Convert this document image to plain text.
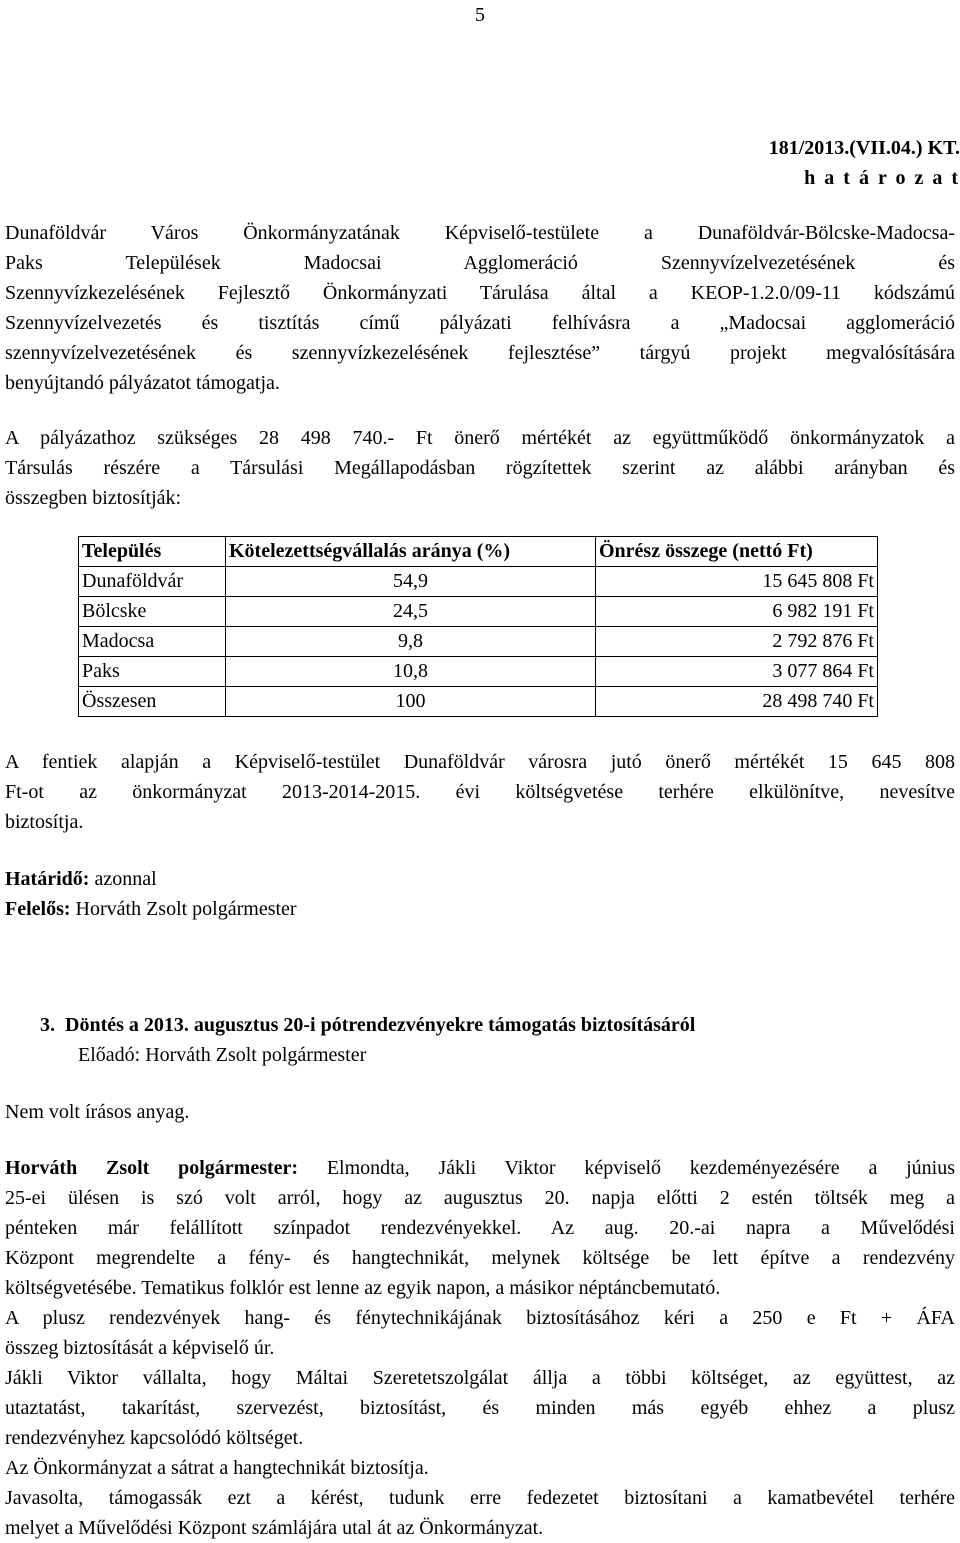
5
181/2013.(VII.04.) KT.
h a t á r o z a t
Dunaföldvár Város Önkormányzatának Képviselő-testülete a Dunaföldvár-Bölcske-Madocsa-
Paks Települések Madocsai Agglomeráció Szennyvízelvezetésének és
Szennyvízkezelésének Fejlesztő Önkormányzati Tárulása által a KEOP-1.2.0/09-11 kódszámú
Szennyvízelvezetés és tisztítás című pályázati felhívásra a „Madocsai agglomeráció
szennyvízelvezetésének és szennyvízkezelésének fejlesztése” tárgyú projekt megvalósítására
benyújtandó pályázatot támogatja.
A pályázathoz szükséges 28 498 740.- Ft önerő mértékét az együttműködő önkormányzatok a
Társulás részére a Társulási Megállapodásban rögzítettek szerint az alábbi arányban és
összegben biztosítják:
Település	Kötelezettségvállalás aránya (%)	Önrész összege (nettó Ft)
Dunaföldvár	54,9	15 645 808 Ft
Bölcske	24,5	6 982 191 Ft
Madocsa	9,8	2 792 876 Ft
Paks	10,8	3 077 864 Ft
Összesen	100	28 498 740 Ft
A fentiek alapján a Képviselő-testület Dunaföldvár városra jutó önerő mértékét 15 645 808
Ft-ot az önkormányzat 2013-2014-2015. évi költségvetése terhére elkülönítve, nevesítve
biztosítja.
Határidő: azonnal
Felelős: Horváth Zsolt polgármester
3.  Döntés a 2013. augusztus 20-i pótrendezvényekre támogatás biztosításáról
Előadó: Horváth Zsolt polgármester
Nem volt írásos anyag.
Horváth Zsolt polgármester: Elmondta, Jákli Viktor képviselő kezdeményezésére a június
25-ei ülésen is szó volt arról, hogy az augusztus 20. napja előtti 2 estén töltsék meg a
pénteken már felállított színpadot rendezvényekkel. Az aug. 20.-ai napra a Művelődési
Központ megrendelte a fény- és hangtechnikát, melynek költsége be lett építve a rendezvény
költségvetésébe. Tematikus folklór est lenne az egyik napon, a másikor néptáncbemutató.
A plusz rendezvények hang- és fénytechnikájának biztosításához kéri a 250 e Ft + ÁFA
összeg biztosítását a képviselő úr.
Jákli Viktor vállalta, hogy Máltai Szeretetszolgálat állja a többi költséget, az együttest, az
utaztatást, takarítást, szervezést, biztosítást, és minden más egyéb ehhez a plusz
rendezvényhez kapcsolódó költséget.
Az Önkormányzat a sátrat a hangtechnikát biztosítja.
Javasolta, támogassák ezt a kérést, tudunk erre fedezetet biztosítani a kamatbevétel terhére
melyet a Művelődési Központ számlájára utal át az Önkormányzat.
